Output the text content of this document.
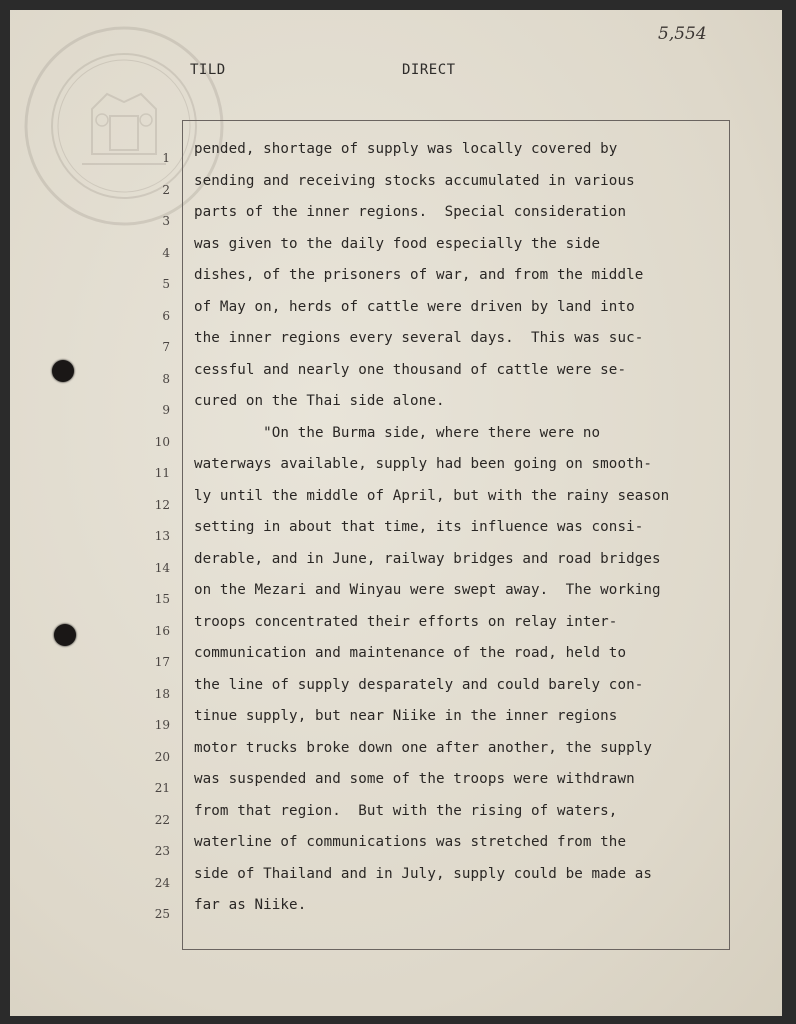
5,554
TILD	DIRECT
1
2
3
4
5
6
7
8
9
10
11
12
13
14
15
16
17
18
19
20
21
22
23
24
25
pended, shortage of supply was locally covered by
sending and receiving stocks accumulated in various
parts of the inner regions.  Special consideration
was given to the daily food especially the side
dishes, of the prisoners of war, and from the middle
of May on, herds of cattle were driven by land into
the inner regions every several days.  This was suc-
cessful and nearly one thousand of cattle were se-
cured on the Thai side alone.
"On the Burma side, where there were no
waterways available, supply had been going on smooth-
ly until the middle of April, but with the rainy season
setting in about that time, its influence was consi-
derable, and in June, railway bridges and road bridges
on the Mezari and Winyau were swept away.  The working
troops concentrated their efforts on relay inter-
communication and maintenance of the road, held to
the line of supply desparately and could barely con-
tinue supply, but near Niike in the inner regions
motor trucks broke down one after another, the supply
was suspended and some of the troops were withdrawn
from that region.  But with the rising of waters,
waterline of communications was stretched from the
side of Thailand and in July, supply could be made as
far as Niike.
